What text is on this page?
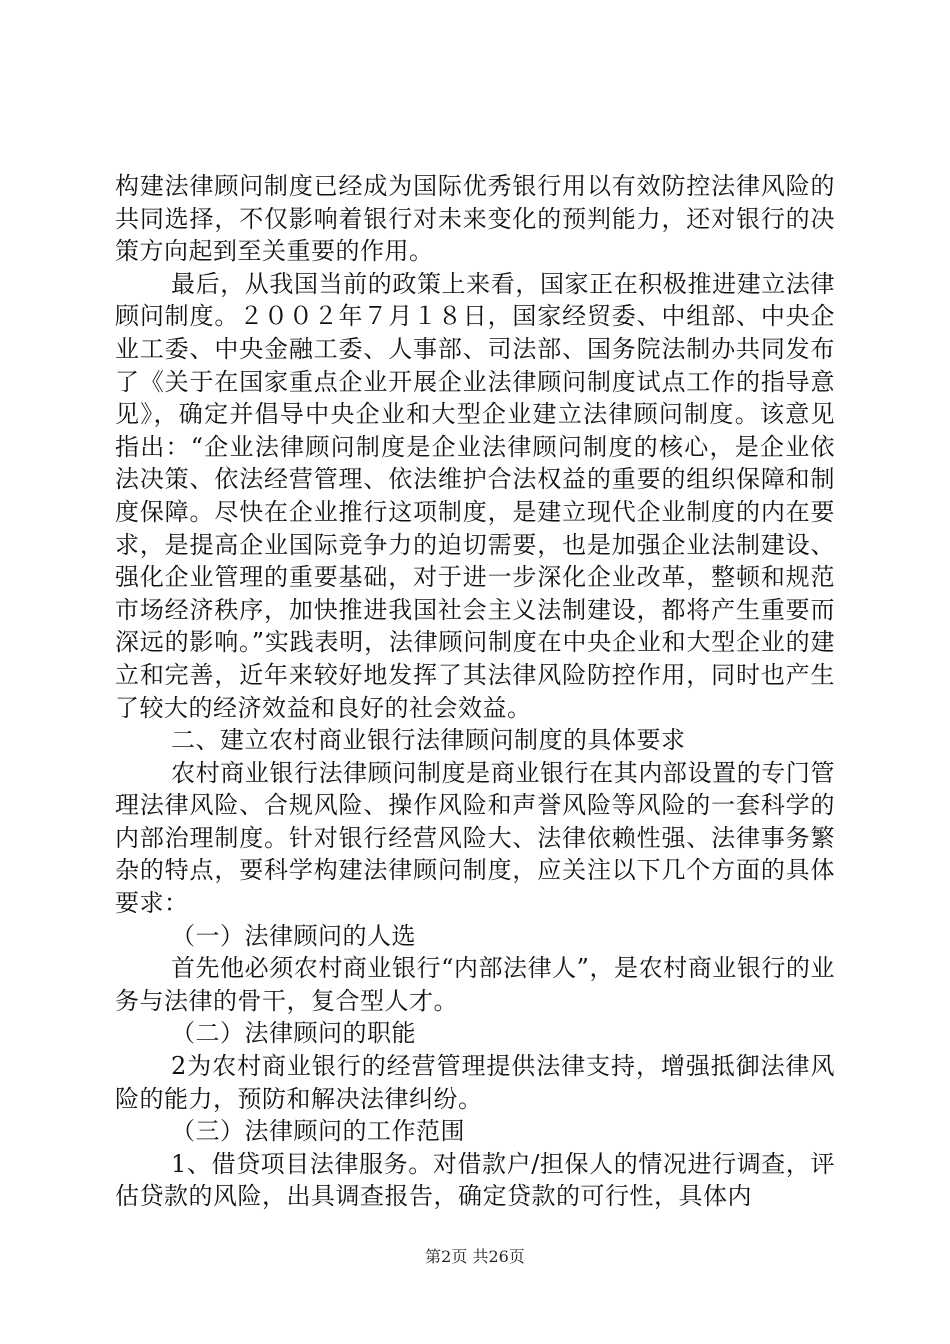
构建法律顾问制度已经成为国际优秀银行用以有效防控法律风险的共同选择，不仅影响着银行对未来变化的预判能力，还对银行的决策方向起到至关重要的作用。

最后，从我国当前的政策上来看，国家正在积极推进建立法律顾问制度。２００２年７月１８日，国家经贸委、中组部、中央企业工委、中央金融工委、人事部、司法部、国务院法制办共同发布了《关于在国家重点企业开展企业法律顾问制度试点工作的指导意见》，确定并倡导中央企业和大型企业建立法律顾问制度。该意见指出：“企业法律顾问制度是企业法律顾问制度的核心，是企业依法决策、依法经营管理、依法维护合法权益的重要的组织保障和制度保障。尽快在企业推行这项制度，是建立现代企业制度的内在要求，是提高企业国际竞争力的迫切需要，也是加强企业法制建设、强化企业管理的重要基础，对于进一步深化企业改革，整顿和规范市场经济秩序，加快推进我国社会主义法制建设，都将产生重要而深远的影响。”实践表明，法律顾问制度在中央企业和大型企业的建立和完善，近年来较好地发挥了其法律风险防控作用，同时也产生了较大的经济效益和良好的社会效益。

二、建立农村商业银行法律顾问制度的具体要求

农村商业银行法律顾问制度是商业银行在其内部设置的专门管理法律风险、合规风险、操作风险和声誉风险等风险的一套科学的内部治理制度。针对银行经营风险大、法律依赖性强、法律事务繁杂的特点，要科学构建法律顾问制度，应关注以下几个方面的具体要求：

（一）法律顾问的人选

首先他必须农村商业银行“内部法律人”，是农村商业银行的业务与法律的骨干，复合型人才。

（二）法律顾问的职能

2为农村商业银行的经营管理提供法律支持，增强抵御法律风险的能力，预防和解决法律纠纷。

（三）法律顾问的工作范围

1、借贷项目法律服务。对借款户/担保人的情况进行调查，评估贷款的风险，出具调查报告，确定贷款的可行性，具体内

第2页 共26页
